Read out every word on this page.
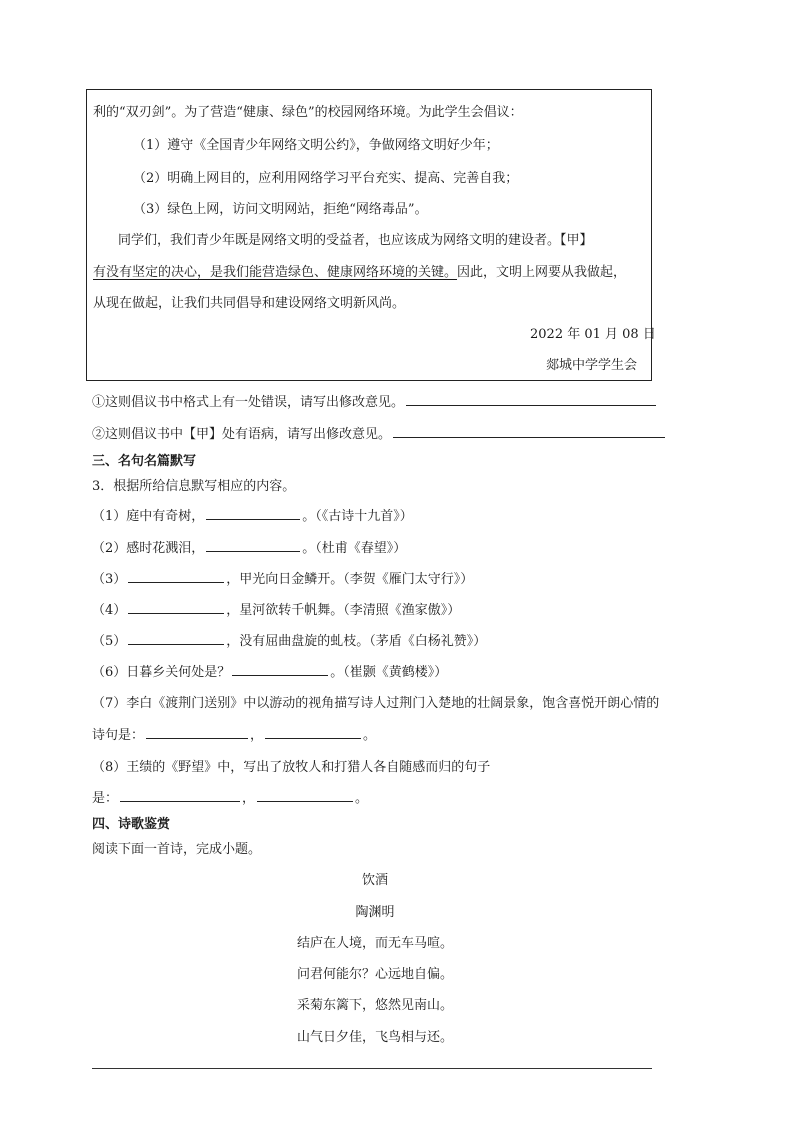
利的“双刃剑”。为了营造“健康、绿色”的校园网络环境。为此学生会倡议：
（1）遵守《全国青少年网络文明公约》，争做网络文明好少年；
（2）明确上网目的，应利用网络学习平台充实、提高、完善自我；
（3）绿色上网，访问文明网站，拒绝“网络毒品”。
同学们，我们青少年既是网络文明的受益者，也应该成为网络文明的建设者。【甲】
有没有坚定的决心，是我们能营造绿色、健康网络环境的关键。因此，文明上网要从我做起，
从现在做起，让我们共同倡导和建设网络文明新风尚。
2022 年 01 月 08 日
郯城中学学生会
①这则倡议书中格式上有一处错误，请写出修改意见。
②这则倡议书中【甲】处有语病，请写出修改意见。
三、名句名篇默写
3．根据所给信息默写相应的内容。
（1）庭中有奇树，	。（《古诗十九首》）
（2）感时花溅泪，	。（杜甫《春望》）
（3）	，甲光向日金鳞开。（李贺《雁门太守行》）
（4）	，星河欲转千帆舞。（李清照《渔家傲》）
（5）	，没有屈曲盘旋的虬枝。（茅盾《白杨礼赞》）
（6）日暮乡关何处是？	。（崔颢《黄鹤楼》）
（7）李白《渡荆门送别》中以游动的视角描写诗人过荆门入楚地的壮阔景象，饱含喜悦开朗心情的
诗句是：	，	。
（8）王绩的《野望》中，写出了放牧人和打猎人各自随感而归的句子
是：	，	。
四、诗歌鉴赏
阅读下面一首诗，完成小题。
饮酒
陶渊明
结庐在人境，而无车马喧。
问君何能尔？心远地自偏。
采菊东篱下，悠然见南山。
山气日夕佳，飞鸟相与还。
